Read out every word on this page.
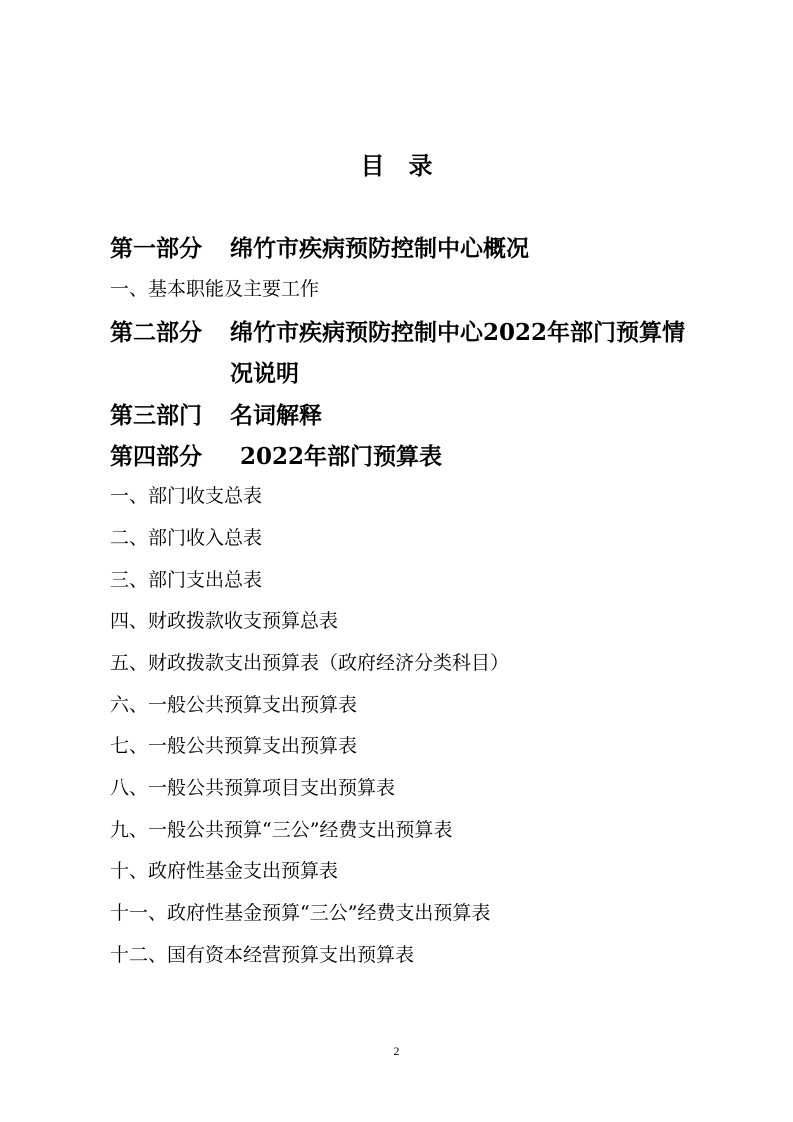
目录
第一部分 绵竹市疾病预防控制中心概况
一、基本职能及主要工作
第二部分 绵竹市疾病预防控制中心2022年部门预算情
况说明
第三部门 名词解释
第四部分 2022年部门预算表
一、部门收支总表
二、部门收入总表
三、部门支出总表
四、财政拨款收支预算总表
五、财政拨款支出预算表（政府经济分类科目）
六、一般公共预算支出预算表
七、一般公共预算支出预算表
八、一般公共预算项目支出预算表
九、一般公共预算“三公”经费支出预算表
十、政府性基金支出预算表
十一、政府性基金预算“三公”经费支出预算表
十二、国有资本经营预算支出预算表
2
